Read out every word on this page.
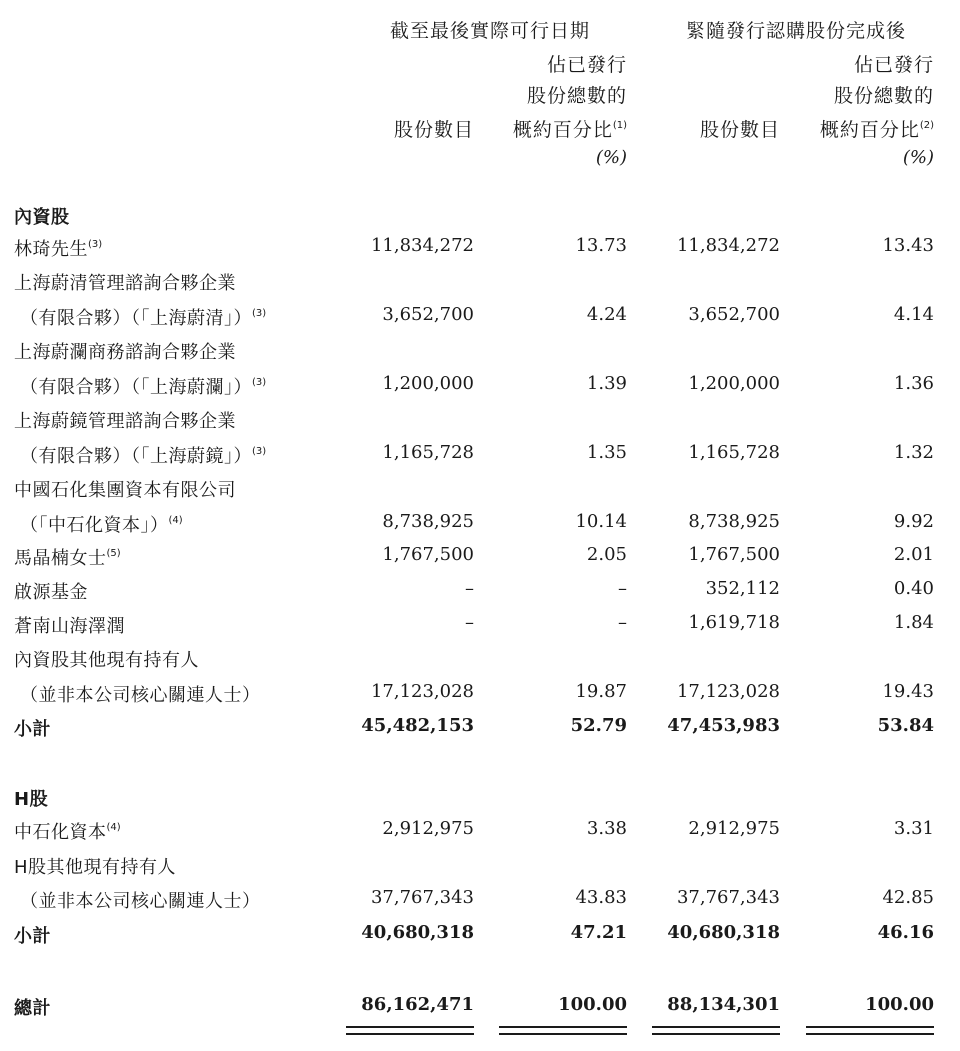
截至最後實際可行日期	緊隨發行認購股份完成後
佔已發行	佔已發行
股份總數的	股份總數的
股份數目 概約百分比$^{(1)}$	股份數目 概約百分比$^{(2)}$
(%)	(%)
內資股
林琦先生$^{(3)}$	11,834,272	13.73	11,834,272	13.43
上海蔚清管理諮詢合夥企業
（有限合夥）（「上海蔚清」）$^{(3)}$	3,652,700	4.24	3,652,700	4.14
上海蔚瀾商務諮詢合夥企業
（有限合夥）（「上海蔚瀾」）$^{(3)}$	1,200,000	1.39	1,200,000	1.36
上海蔚鏡管理諮詢合夥企業
（有限合夥）（「上海蔚鏡」）$^{(3)}$	1,165,728	1.35	1,165,728	1.32
中國石化集團資本有限公司
（「中石化資本」）$^{(4)}$	8,738,925	10.14	8,738,925	9.92
馬晶楠女士$^{(5)}$	1,767,500	2.05	1,767,500	2.01
啟源基金	–	–	352,112	0.40
蒼南山海澤潤	–	–	1,619,718	1.84
內資股其他現有持有人
（並非本公司核心關連人士）	17,123,028	19.87	17,123,028	19.43
小計	45,482,153	52.79 47,453,983	53.84
H股
中石化資本$^{(4)}$	2,912,975	3.38	2,912,975	3.31
H股其他現有持有人
（並非本公司核心關連人士）	37,767,343	43.83	37,767,343	42.85
小計	40,680,318	47.21 40,680,318	46.16
總計	86,162,471	100.00 88,134,301	100.00
